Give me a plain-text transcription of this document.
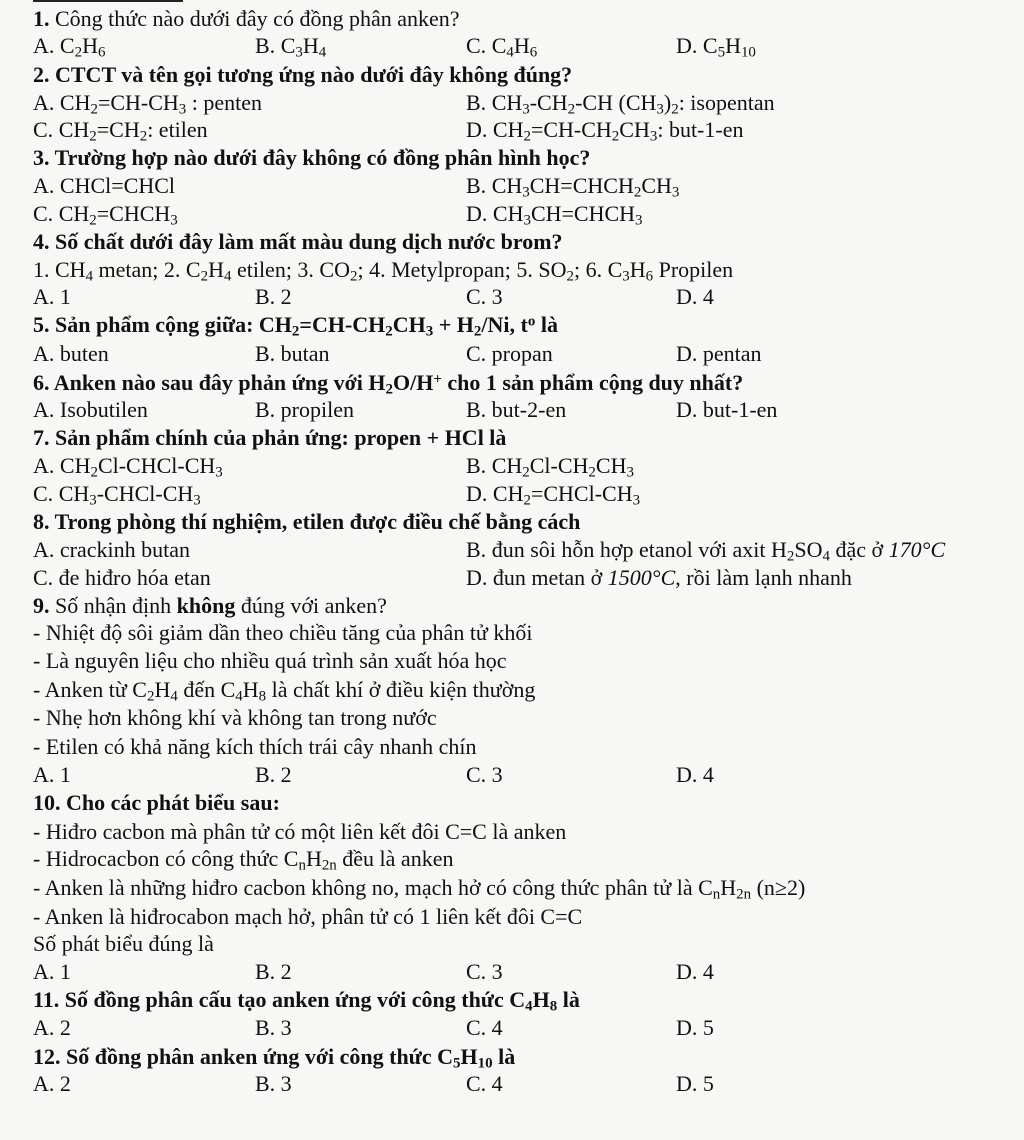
1. Công thức nào dưới đây có đồng phân anken?
A. $C_2H_6$	B. $C_3H_4$	C. $C_4H_6$	D. $C_5H_{10}$
2. CTCT và tên gọi tương ứng nào dưới đây không đúng?
A. $CH_2=CH-CH_3$ : penten	B. $CH_3-CH_2-CH$ $(CH_3)_2$: isopentan
C. $CH_2=CH_2$: etilen	D. $CH_2=CH-CH_2CH_3$: but-1-en
3. Trường hợp nào dưới đây không có đồng phân hình học?
A. CHCl=CHCl	B. $CH_3CH=CHCH_2CH_3$
C. $CH_2=CHCH_3$	D. $CH_3CH=CHCH_3$
4. Số chất dưới đây làm mất màu dung dịch nước brom?
1. $CH_4$ metan; 2. $C_2H_4$ etilen; 3. $CO_2$; 4. Metylpropan; 5. $SO_2$; 6. $C_3H_6$ Propilen
A. 1	B. 2	C. 3	D. 4
5. Sản phẩm cộng giữa: $CH_2=CH-CH_2CH_3 + H_2/Ni$, $t^o$ là
A. buten	B. butan	C. propan	D. pentan
6. Anken nào sau đây phản ứng với $H_2O/H^+$ cho 1 sản phẩm cộng duy nhất?
A. Isobutilen	B. propilen	B. but-2-en	D. but-1-en
7. Sản phẩm chính của phản ứng: propen + HCl là
A. $CH_2Cl-CHCl-CH_3$	B. $CH_2Cl-CH_2CH_3$
C. $CH_3-CHCl-CH_3$	D. $CH_2=CHCl-CH_3$
8. Trong phòng thí nghiệm, etilen được điều chế bằng cách
A. crackinh butan	B. đun sôi hỗn hợp etanol với axit $H_2SO_4$ đặc ở 170°C
C. đe hiđro hóa etan	D. đun metan ở 1500°C, rồi làm lạnh nhanh
9. Số nhận định không đúng với anken?
- Nhiệt độ sôi giảm dần theo chiều tăng của phân tử khối
- Là nguyên liệu cho nhiều quá trình sản xuất hóa học
- Anken từ $C_2H_4$ đến $C_4H_8$ là chất khí ở điều kiện thường
- Nhẹ hơn không khí và không tan trong nước
- Etilen có khả năng kích thích trái cây nhanh chín
A. 1	B. 2	C. 3	D. 4
10. Cho các phát biểu sau:
- Hiđro cacbon mà phân tử có một liên kết đôi C=C là anken
- Hidrocacbon có công thức $C_nH_{2n}$ đều là anken
- Anken là những hiđro cacbon không no, mạch hở có công thức phân tử là $C_nH_{2n}$ (n≥2)
- Anken là hiđrocabon mạch hở, phân tử có 1 liên kết đôi C=C
Số phát biểu đúng là
A. 1	B. 2	C. 3	D. 4
11. Số đồng phân cấu tạo anken ứng với công thức $C_4H_8$ là
A. 2	B. 3	C. 4	D. 5
12. Số đồng phân anken ứng với công thức $C_5H_{10}$ là
A. 2	B. 3	C. 4	D. 5
